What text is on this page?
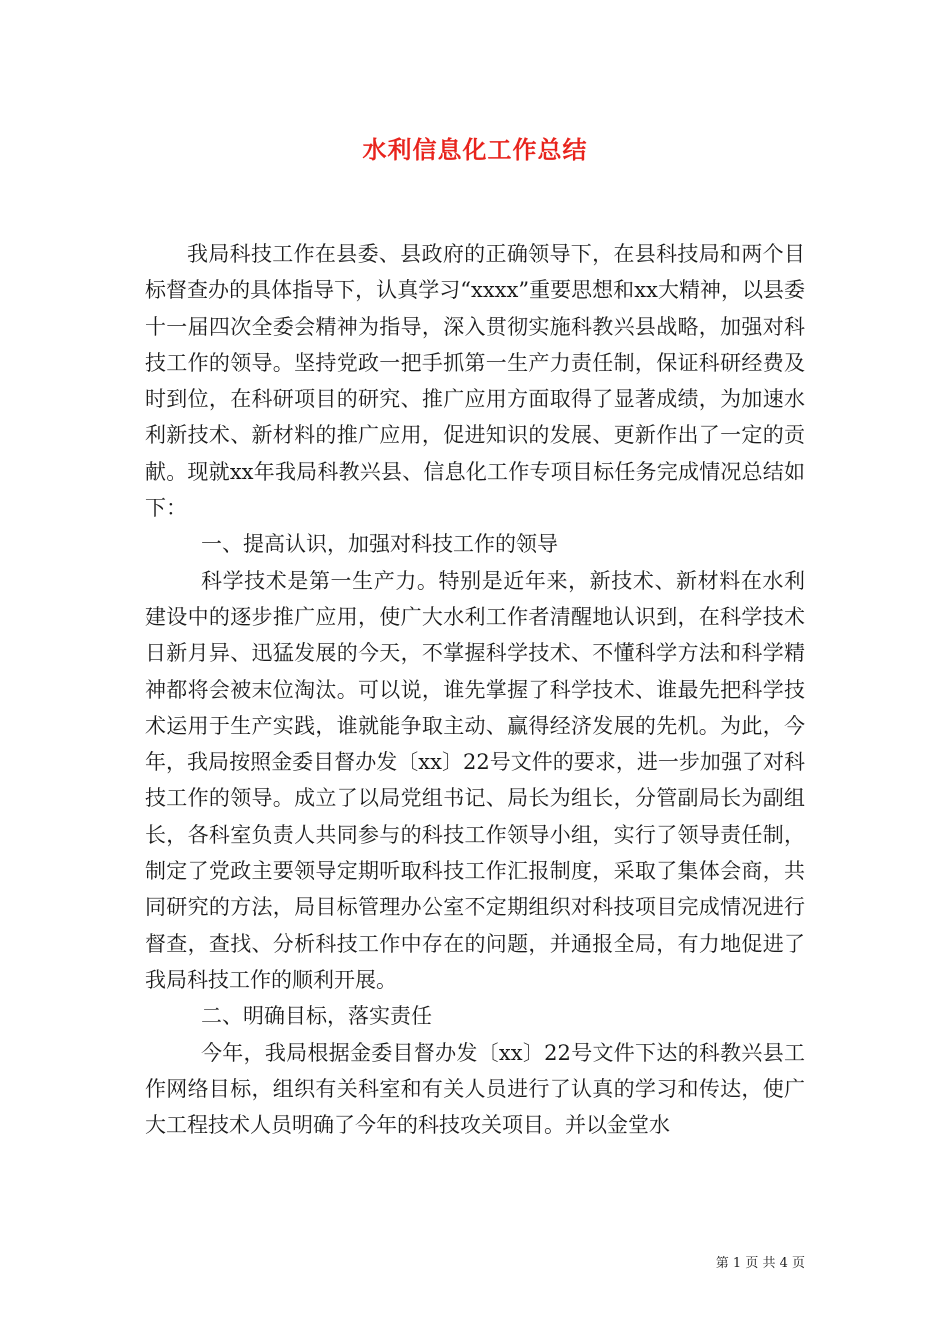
水利信息化工作总结

我局科技工作在县委、县政府的正确领导下，在县科技局和两个目标督查办的具体指导下，认真学习“xxxx”重要思想和xx大精神，以县委十一届四次全委会精神为指导，深入贯彻实施科教兴县战略，加强对科技工作的领导。坚持党政一把手抓第一生产力责任制，保证科研经费及时到位，在科研项目的研究、推广应用方面取得了显著成绩，为加速水利新技术、新材料的推广应用，促进知识的发展、更新作出了一定的贡献。现就xx年我局科教兴县、信息化工作专项目标任务完成情况总结如下：

一、提高认识，加强对科技工作的领导

科学技术是第一生产力。特别是近年来，新技术、新材料在水利建设中的逐步推广应用，使广大水利工作者清醒地认识到，在科学技术日新月异、迅猛发展的今天，不掌握科学技术、不懂科学方法和科学精神都将会被末位淘汰。可以说，谁先掌握了科学技术、谁最先把科学技术运用于生产实践，谁就能争取主动、赢得经济发展的先机。为此，今年，我局按照金委目督办发〔xx〕22号文件的要求，进一步加强了对科技工作的领导。成立了以局党组书记、局长为组长，分管副局长为副组长，各科室负责人共同参与的科技工作领导小组，实行了领导责任制，制定了党政主要领导定期听取科技工作汇报制度，采取了集体会商，共同研究的方法，局目标管理办公室不定期组织对科技项目完成情况进行督查，查找、分析科技工作中存在的问题，并通报全局，有力地促进了我局科技工作的顺利开展。

二、明确目标，落实责任

今年，我局根据金委目督办发〔xx〕22号文件下达的科教兴县工作网络目标，组织有关科室和有关人员进行了认真的学习和传达，使广大工程技术人员明确了今年的科技攻关项目。并以金堂水

第 1 页 共 4 页
